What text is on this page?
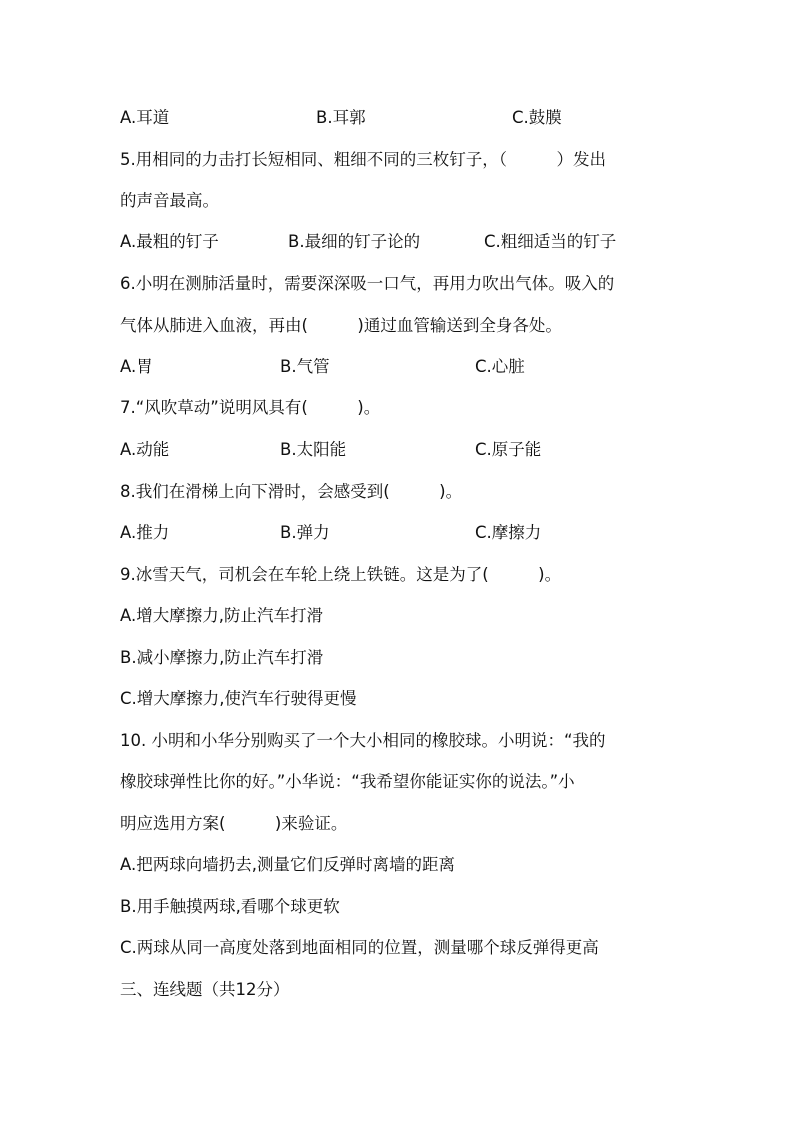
A.耳道	B.耳郭	C.鼓膜
5.用相同的力击打长短相同、粗细不同的三枚钉子，（　　　）发出
的声音最高。
A.最粗的钉子	B.最细的钉子论的	C.粗细适当的钉子
6.小明在测肺活量时，需要深深吸一口气，再用力吹出气体。吸入的
气体从肺进入血液，再由(　　　)通过血管输送到全身各处。
A.胃	B.气管	C.心脏
7.“风吹草动”说明风具有(　　　)。
A.动能	B.太阳能	C.原子能
8.我们在滑梯上向下滑时，会感受到(　　　)。
A.推力	B.弹力	C.摩擦力
9.冰雪天气，司机会在车轮上绕上铁链。这是为了(　　　)。
A.增大摩擦力,防止汽车打滑
B.减小摩擦力,防止汽车打滑
C.增大摩擦力,使汽车行驶得更慢
10. 小明和小华分别购买了一个大小相同的橡胶球。小明说：“我的
橡胶球弹性比你的好。”小华说：“我希望你能证实你的说法。”小
明应选用方案(　　　)来验证。
A.把两球向墙扔去,测量它们反弹时离墙的距离
B.用手触摸两球,看哪个球更软
C.两球从同一高度处落到地面相同的位置，测量哪个球反弹得更高
三、连线题（共12分）
